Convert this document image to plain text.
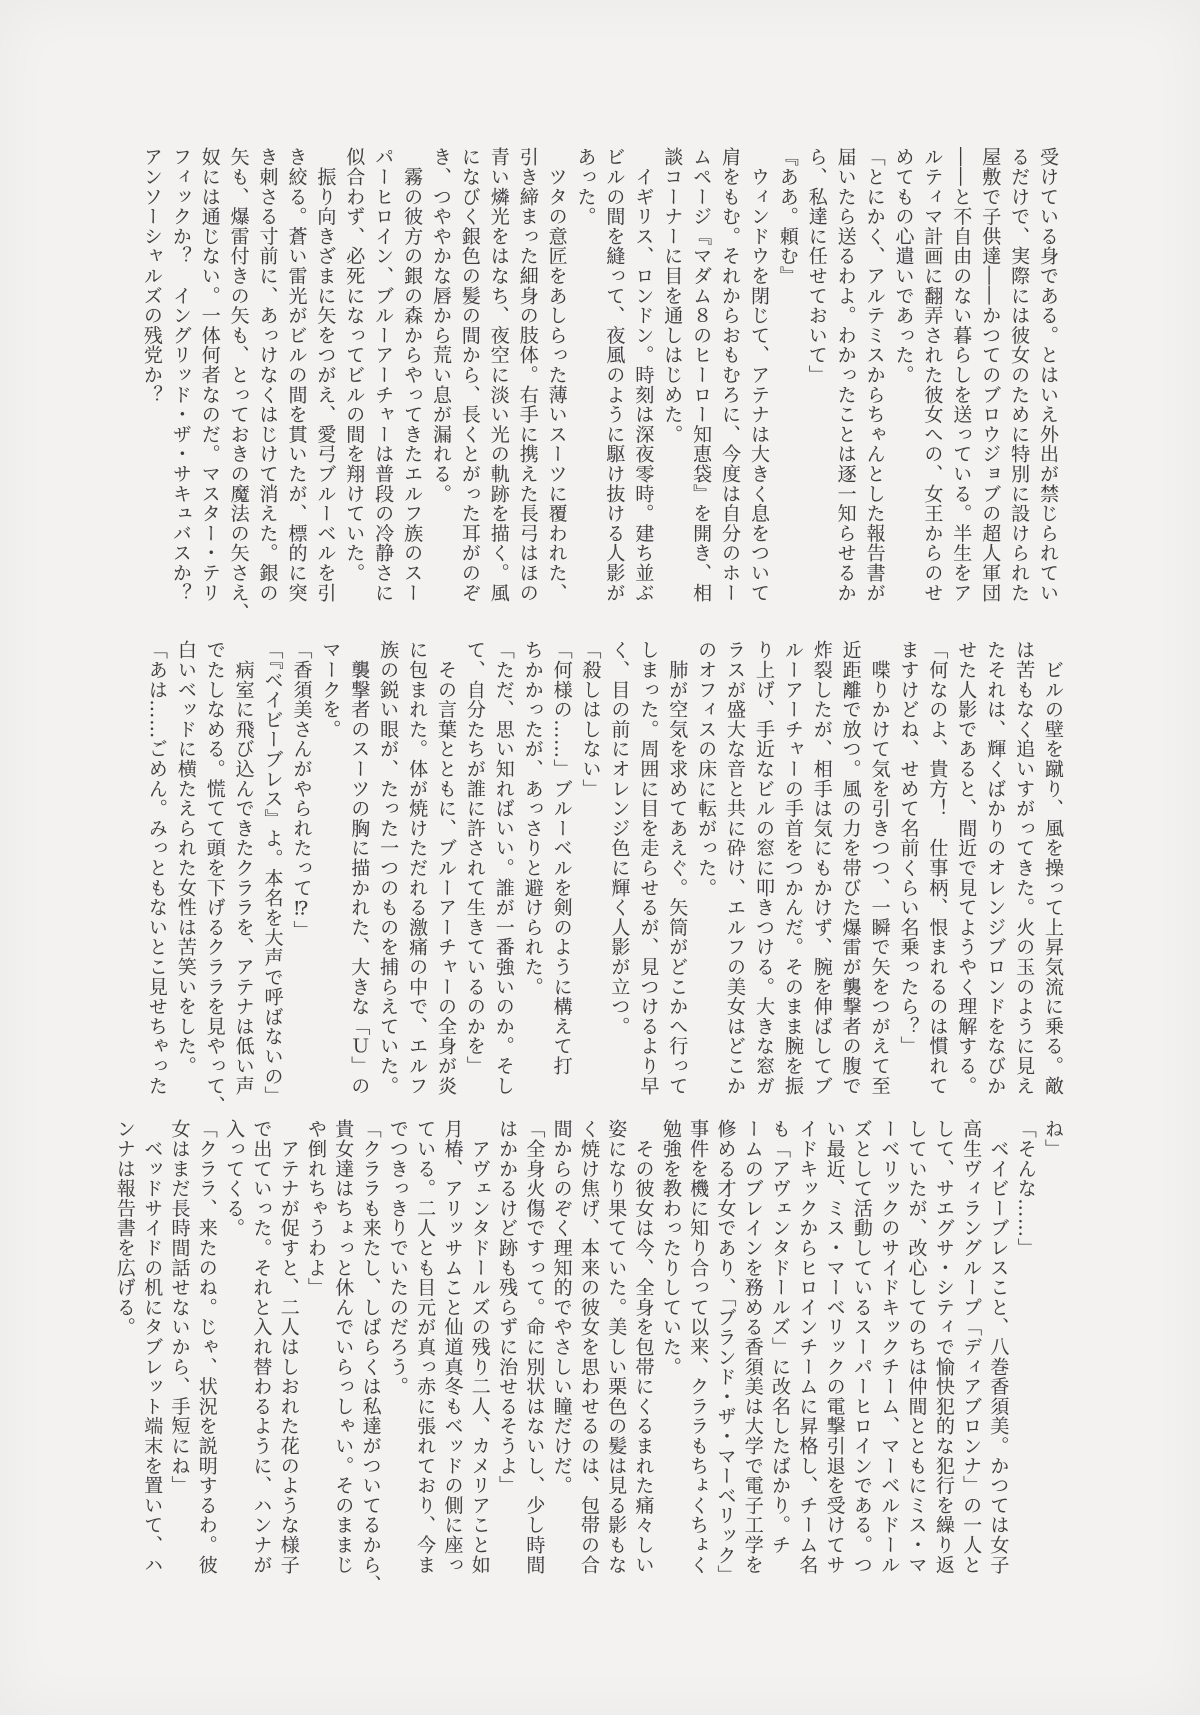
受けている身である。とはいえ外出が禁じられてい
るだけで、実際には彼女のために特別に設けられた
屋敷で子供達――かつてのブロウジョブの超人軍団
――と不自由のない暮らしを送っている。半生をア
ルティマ計画に翻弄された彼女への、女王からのせ
めてもの心遣いであった。
「とにかく、アルテミスからちゃんとした報告書が
届いたら送るわよ。わかったことは逐一知らせるか
ら、私達に任せておいて」
『ああ。頼む』
　ウィンドウを閉じて、アテナは大きく息をついて
肩をもむ。それからおもむろに、今度は自分のホー
ムページ『マダム８のヒーロー知恵袋』を開き、相
談コーナーに目を通しはじめた。
　イギリス、ロンドン。時刻は深夜零時。建ち並ぶ
ビルの間を縫って、夜風のように駆け抜ける人影が
あった。
　ツタの意匠をあしらった薄いスーツに覆われた、
引き締まった細身の肢体。右手に携えた長弓はほの
青い燐光をはなち、夜空に淡い光の軌跡を描く。風
になびく銀色の髪の間から、長くとがった耳がのぞ
き、つややかな唇から荒い息が漏れる。
　霧の彼方の銀の森からやってきたエルフ族のスー
パーヒロイン、ブルーアーチャーは普段の冷静さに
似合わず、必死になってビルの間を翔けていた。
　振り向きざまに矢をつがえ、愛弓ブルーベルを引
き絞る。蒼い雷光がビルの間を貫いたが、標的に突
き刺さる寸前に、あっけなくはじけて消えた。銀の
矢も、爆雷付きの矢も、とっておきの魔法の矢さえ、
奴には通じない。一体何者なのだ。マスター・テリ
フィックか？　イングリッド・ザ・サキュバスか？
アンソーシャルズの残党か？
　ビルの壁を蹴り、風を操って上昇気流に乗る。敵
は苦もなく追いすがってきた。火の玉のように見え
たそれは、輝くばかりのオレンジブロンドをなびか
せた人影であると、間近で見てようやく理解する。
「何なのよ、貴方！　仕事柄、恨まれるのは慣れて
ますけどね、せめて名前くらい名乗ったら？」
　喋りかけて気を引きつつ、一瞬で矢をつがえて至
近距離で放つ。風の力を帯びた爆雷が襲撃者の腹で
炸裂したが、相手は気にもかけず、腕を伸ばしてブ
ルーアーチャーの手首をつかんだ。そのまま腕を振
り上げ、手近なビルの窓に叩きつける。大きな窓ガ
ラスが盛大な音と共に砕け、エルフの美女はどこか
のオフィスの床に転がった。
　肺が空気を求めてあえぐ。矢筒がどこかへ行って
しまった。周囲に目を走らせるが、見つけるより早
く、目の前にオレンジ色に輝く人影が立つ。
「殺しはしない」
「何様の……」ブルーベルを剣のように構えて打
ちかかったが、あっさりと避けられた。
「ただ、思い知ればいい。誰が一番強いのか。そし
て、自分たちが誰に許されて生きているのかを」
　その言葉とともに、ブルーアーチャーの全身が炎
に包まれた。体が焼けただれる激痛の中で、エルフ
族の鋭い眼が、たった一つのものを捕らえていた。
　襲撃者のスーツの胸に描かれた、大きな「Ｕ」の
マークを。
「香須美さんがやられたって⁉」
「『ベイビーブレス』よ。本名を大声で呼ばないの」
　病室に飛び込んできたクララを、アテナは低い声
でたしなめる。慌てて頭を下げるクララを見やって、
白いベッドに横たえられた女性は苦笑いをした。
「あは……ごめん。みっともないとこ見せちゃった
ね」
「そんな……」
　ベイビーブレスこと、八巻香須美。かつては女子
高生ヴィラングループ「ディアブロンナ」の一人と
して、サエグサ・シティで愉快犯的な犯行を繰り返
していたが、改心してのちは仲間とともにミス・マ
ーベリックのサイドキックチーム、マーベルドール
ズとして活動しているスーパーヒロインである。つ
い最近、ミス・マーベリックの電撃引退を受けてサ
イドキックからヒロインチームに昇格し、チーム名
も「アヴェンタドールズ」に改名したばかり。チ
ームのブレインを務める香須美は大学で電子工学を
修める才女であり、「ブランド・ザ・マーベリック」
事件を機に知り合って以来、クララもちょくちょく
勉強を教わったりしていた。
　その彼女は今、全身を包帯にくるまれた痛々しい
姿になり果てていた。美しい栗色の髪は見る影もな
く焼け焦げ、本来の彼女を思わせるのは、包帯の合
間からのぞく理知的でやさしい瞳だけだ。
「全身火傷ですって。命に別状はないし、少し時間
はかかるけど跡も残らずに治せるそうよ」
　アヴェンタドールズの残り二人、カメリアこと如
月椿、アリッサムこと仙道真冬もベッドの側に座っ
ている。二人とも目元が真っ赤に張れており、今ま
でつきっきりでいたのだろう。
「クララも来たし、しばらくは私達がついてるから、
貴女達はちょっと休んでいらっしゃい。そのままじ
や倒れちゃうわよ」
　アテナが促すと、二人はしおれた花のような様子
で出ていった。それと入れ替わるように、ハンナが
入ってくる。
「クララ、来たのね。じゃ、状況を説明するわ。彼
女はまだ長時間話せないから、手短にね」
　ベッドサイドの机にタブレット端末を置いて、ハ
ンナは報告書を広げる。
